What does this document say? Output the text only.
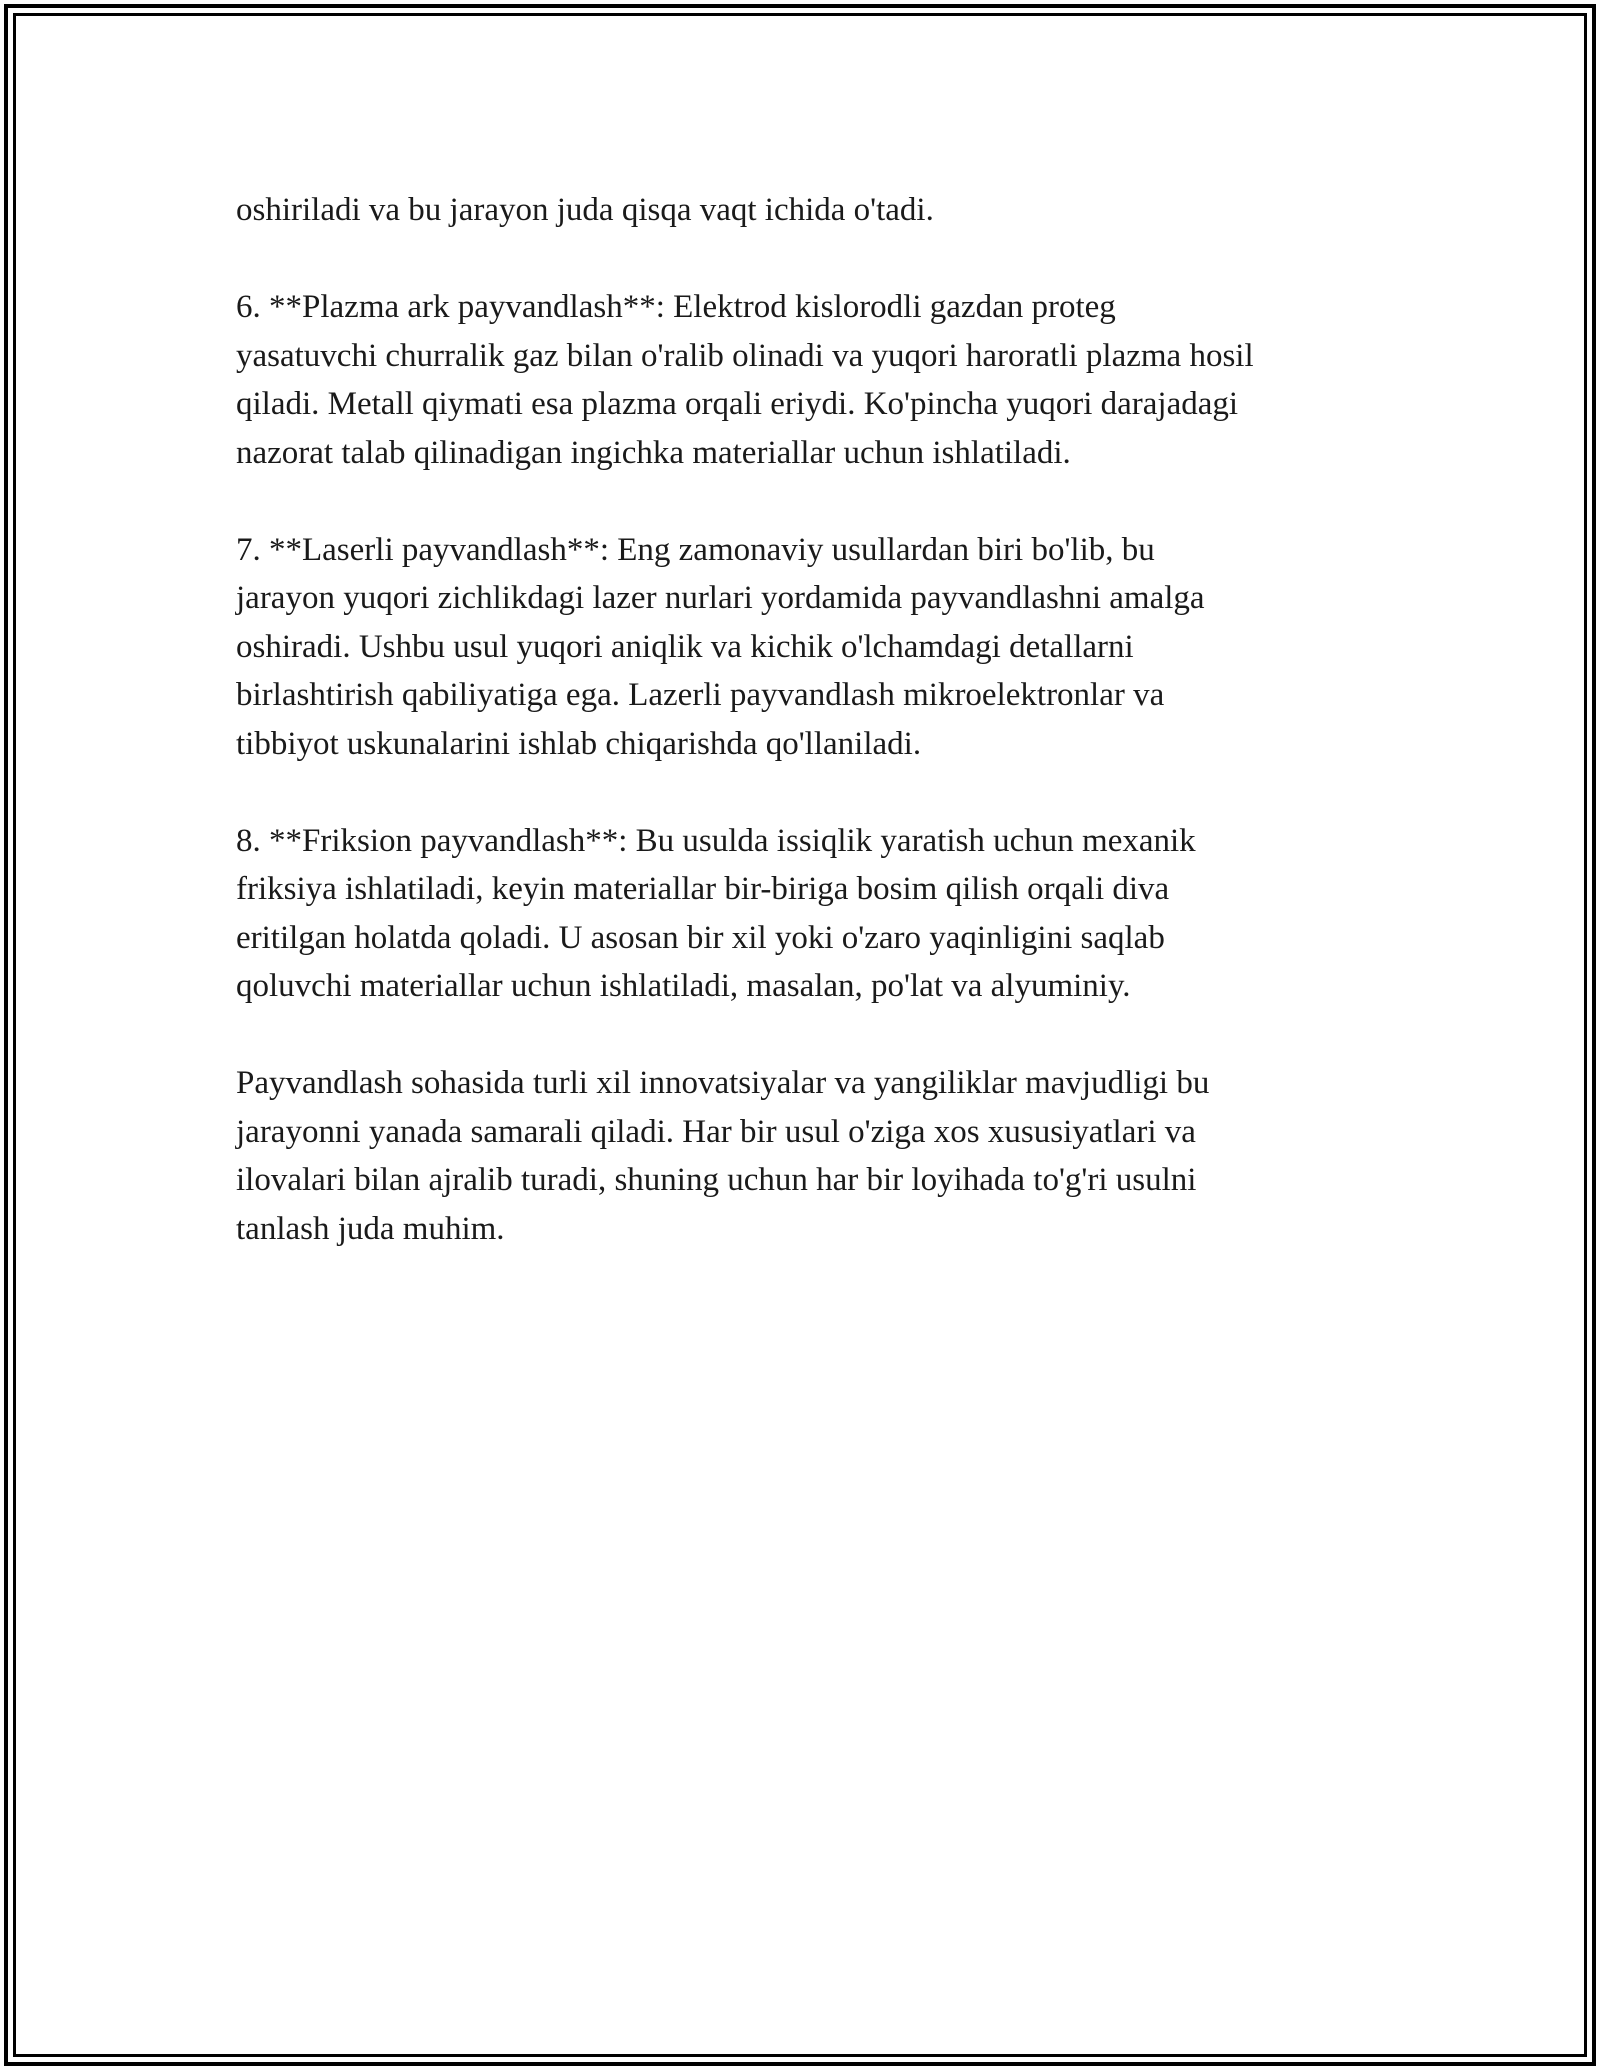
oshiriladi va bu jarayon juda qisqa vaqt ichida o'tadi.

6. **Plazma ark payvandlash**: Elektrod kislorodli gazdan proteg
yasatuvchi churralik gaz bilan o'ralib olinadi va yuqori haroratli plazma hosil
qiladi. Metall qiymati esa plazma orqali eriydi. Ko'pincha yuqori darajadagi
nazorat talab qilinadigan ingichka materiallar uchun ishlatiladi.

7. **Laserli payvandlash**: Eng zamonaviy usullardan biri bo'lib, bu
jarayon yuqori zichlikdagi lazer nurlari yordamida payvandlashni amalga
oshiradi. Ushbu usul yuqori aniqlik va kichik o'lchamdagi detallarni
birlashtirish qabiliyatiga ega. Lazerli payvandlash mikroelektronlar va
tibbiyot uskunalarini ishlab chiqarishda qo'llaniladi.

8. **Friksion payvandlash**: Bu usulda issiqlik yaratish uchun mexanik
friksiya ishlatiladi, keyin materiallar bir-biriga bosim qilish orqali diva
eritilgan holatda qoladi. U asosan bir xil yoki o'zaro yaqinligini saqlab
qoluvchi materiallar uchun ishlatiladi, masalan, po'lat va alyuminiy.

Payvandlash sohasida turli xil innovatsiyalar va yangiliklar mavjudligi bu
jarayonni yanada samarali qiladi. Har bir usul o'ziga xos xususiyatlari va
ilovalari bilan ajralib turadi, shuning uchun har bir loyihada to'g'ri usulni
tanlash juda muhim.
